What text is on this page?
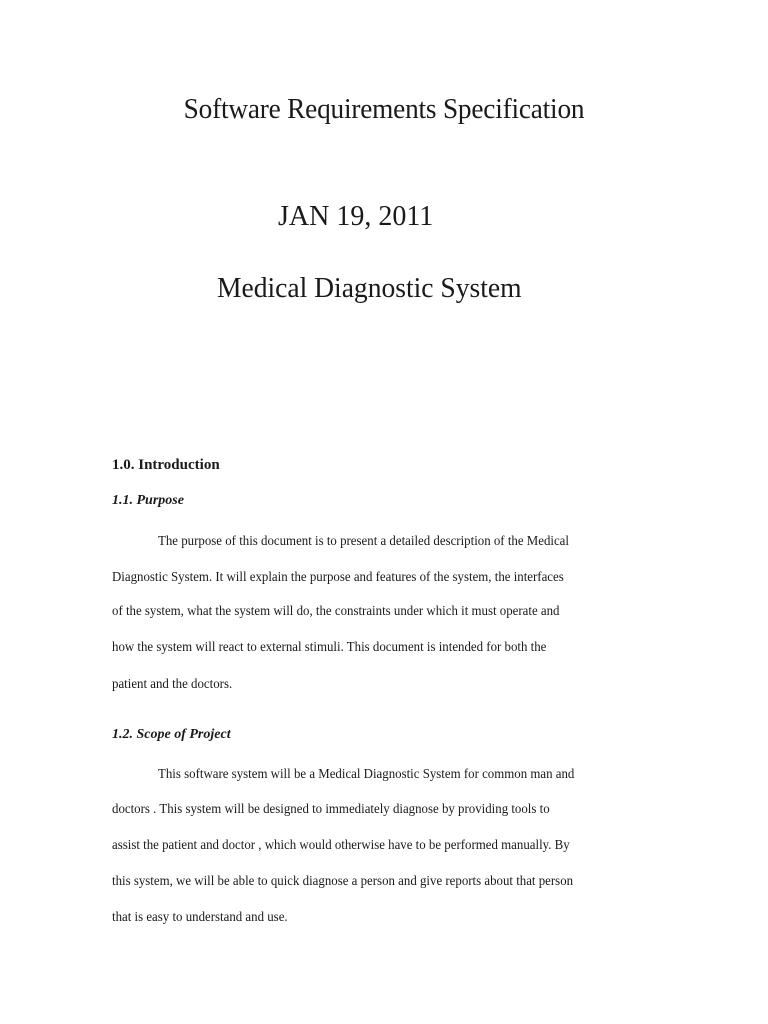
Software Requirements Specification
JAN 19, 2011
Medical Diagnostic System
1.0. Introduction
1.1. Purpose
The purpose of this document is to present a detailed description of the Medical
Diagnostic System. It will explain the purpose and features of the system, the interfaces
of the system, what the system will do, the constraints under which it must operate and
how the system will react to external stimuli. This document is intended for both the
patient and the doctors.
1.2. Scope of Project
This software system will be a Medical Diagnostic System for common man and
doctors . This system will be designed to immediately diagnose by providing tools to
assist the patient and doctor , which would otherwise have to be performed manually. By
this system, we will be able to quick diagnose a person and give reports about that person
that is easy to understand and use.
